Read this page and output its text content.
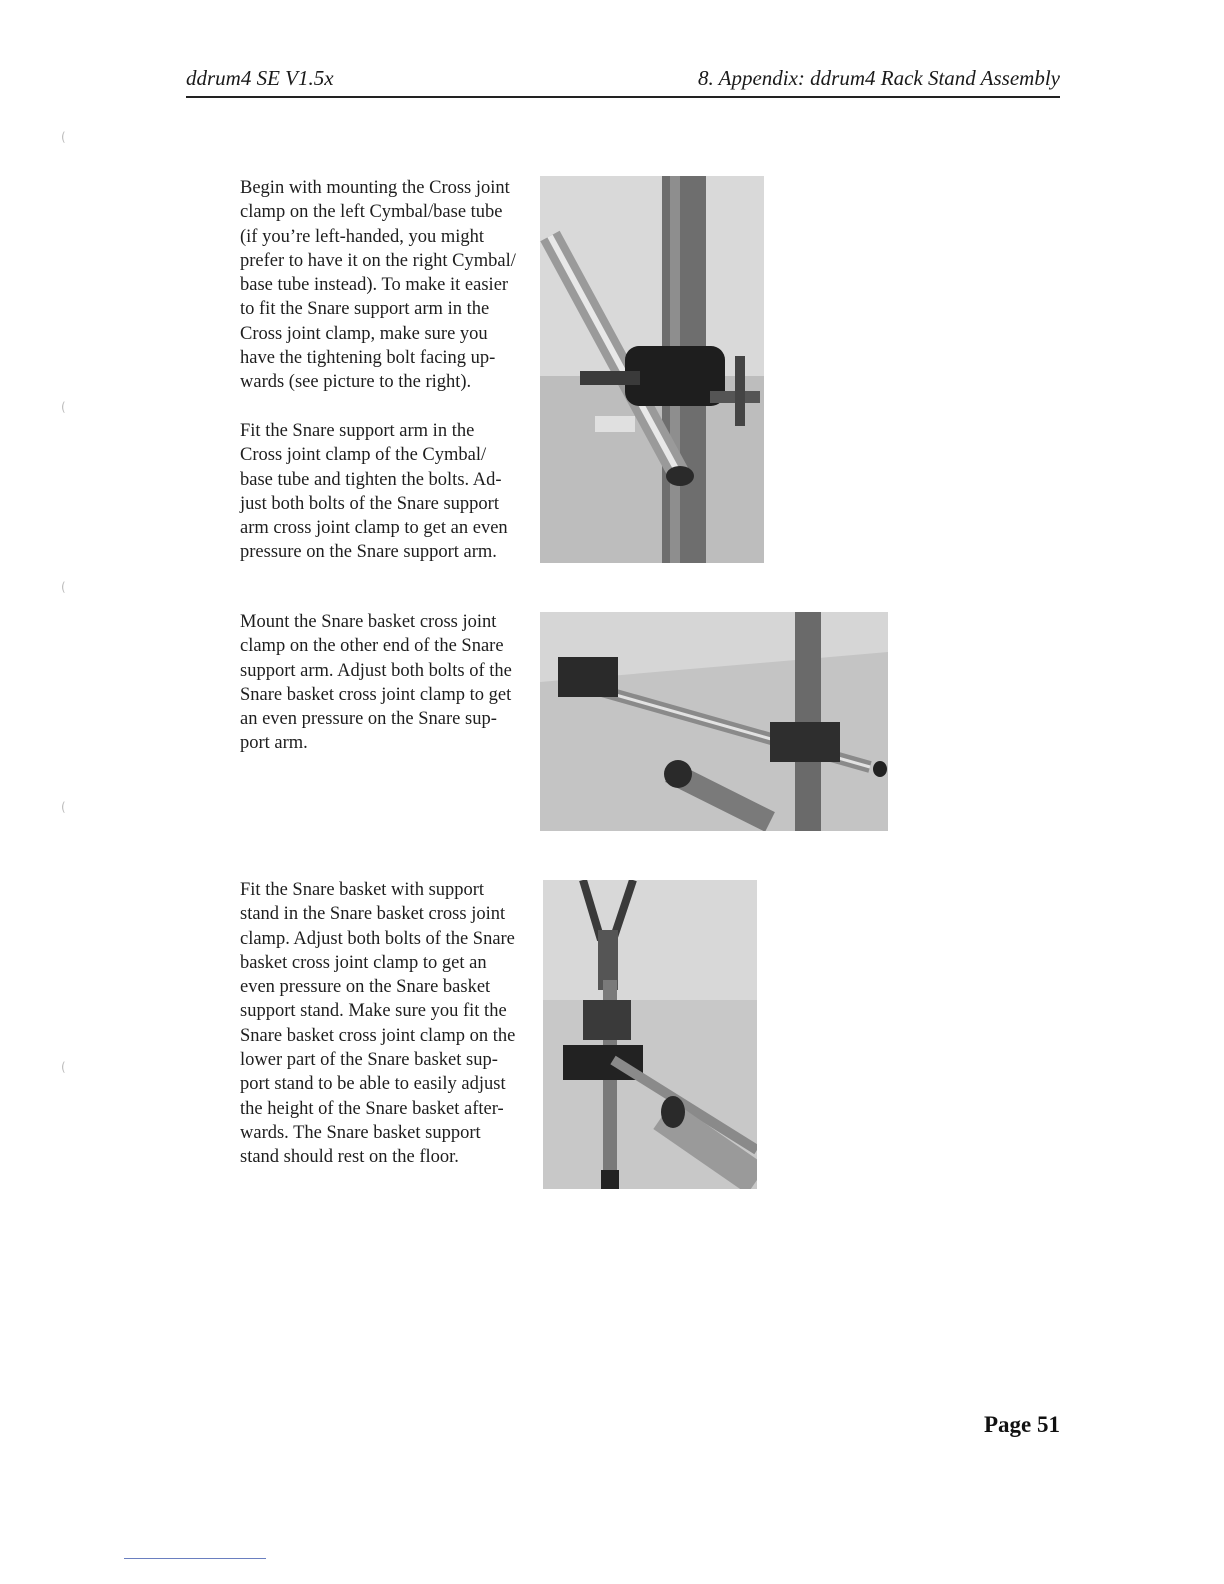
ddrum4 SE V1.5x	8. Appendix: ddrum4 Rack Stand Assembly
(
(
(
(
(
Begin with mounting the Cross joint
clamp on the left Cymbal/base tube
(if you’re left-handed, you might
prefer to have it on the right Cymbal/
base tube instead). To make it easier
to fit the Snare support arm in the
Cross joint clamp, make sure you
have the tightening bolt facing up-
wards (see picture to the right).

Fit the Snare support arm in the
Cross joint clamp of the Cymbal/
base tube and tighten the bolts. Ad-
just both bolts of the Snare support
arm cross joint clamp to get an even
pressure on the Snare support arm.
Mount the Snare basket cross joint
clamp on the other end of the Snare
support arm. Adjust both bolts of the
Snare basket cross joint clamp to get
an even pressure on the Snare sup-
port arm.
Fit the Snare basket with support
stand in the Snare basket cross joint
clamp. Adjust both bolts of the Snare
basket cross joint clamp to get an
even pressure on the Snare basket
support stand. Make sure you fit the
Snare basket cross joint clamp on the
lower part of the Snare basket sup-
port stand to be able to easily adjust
the height of the Snare basket after-
wards. The Snare basket support
stand should rest on the floor.
Page 51
